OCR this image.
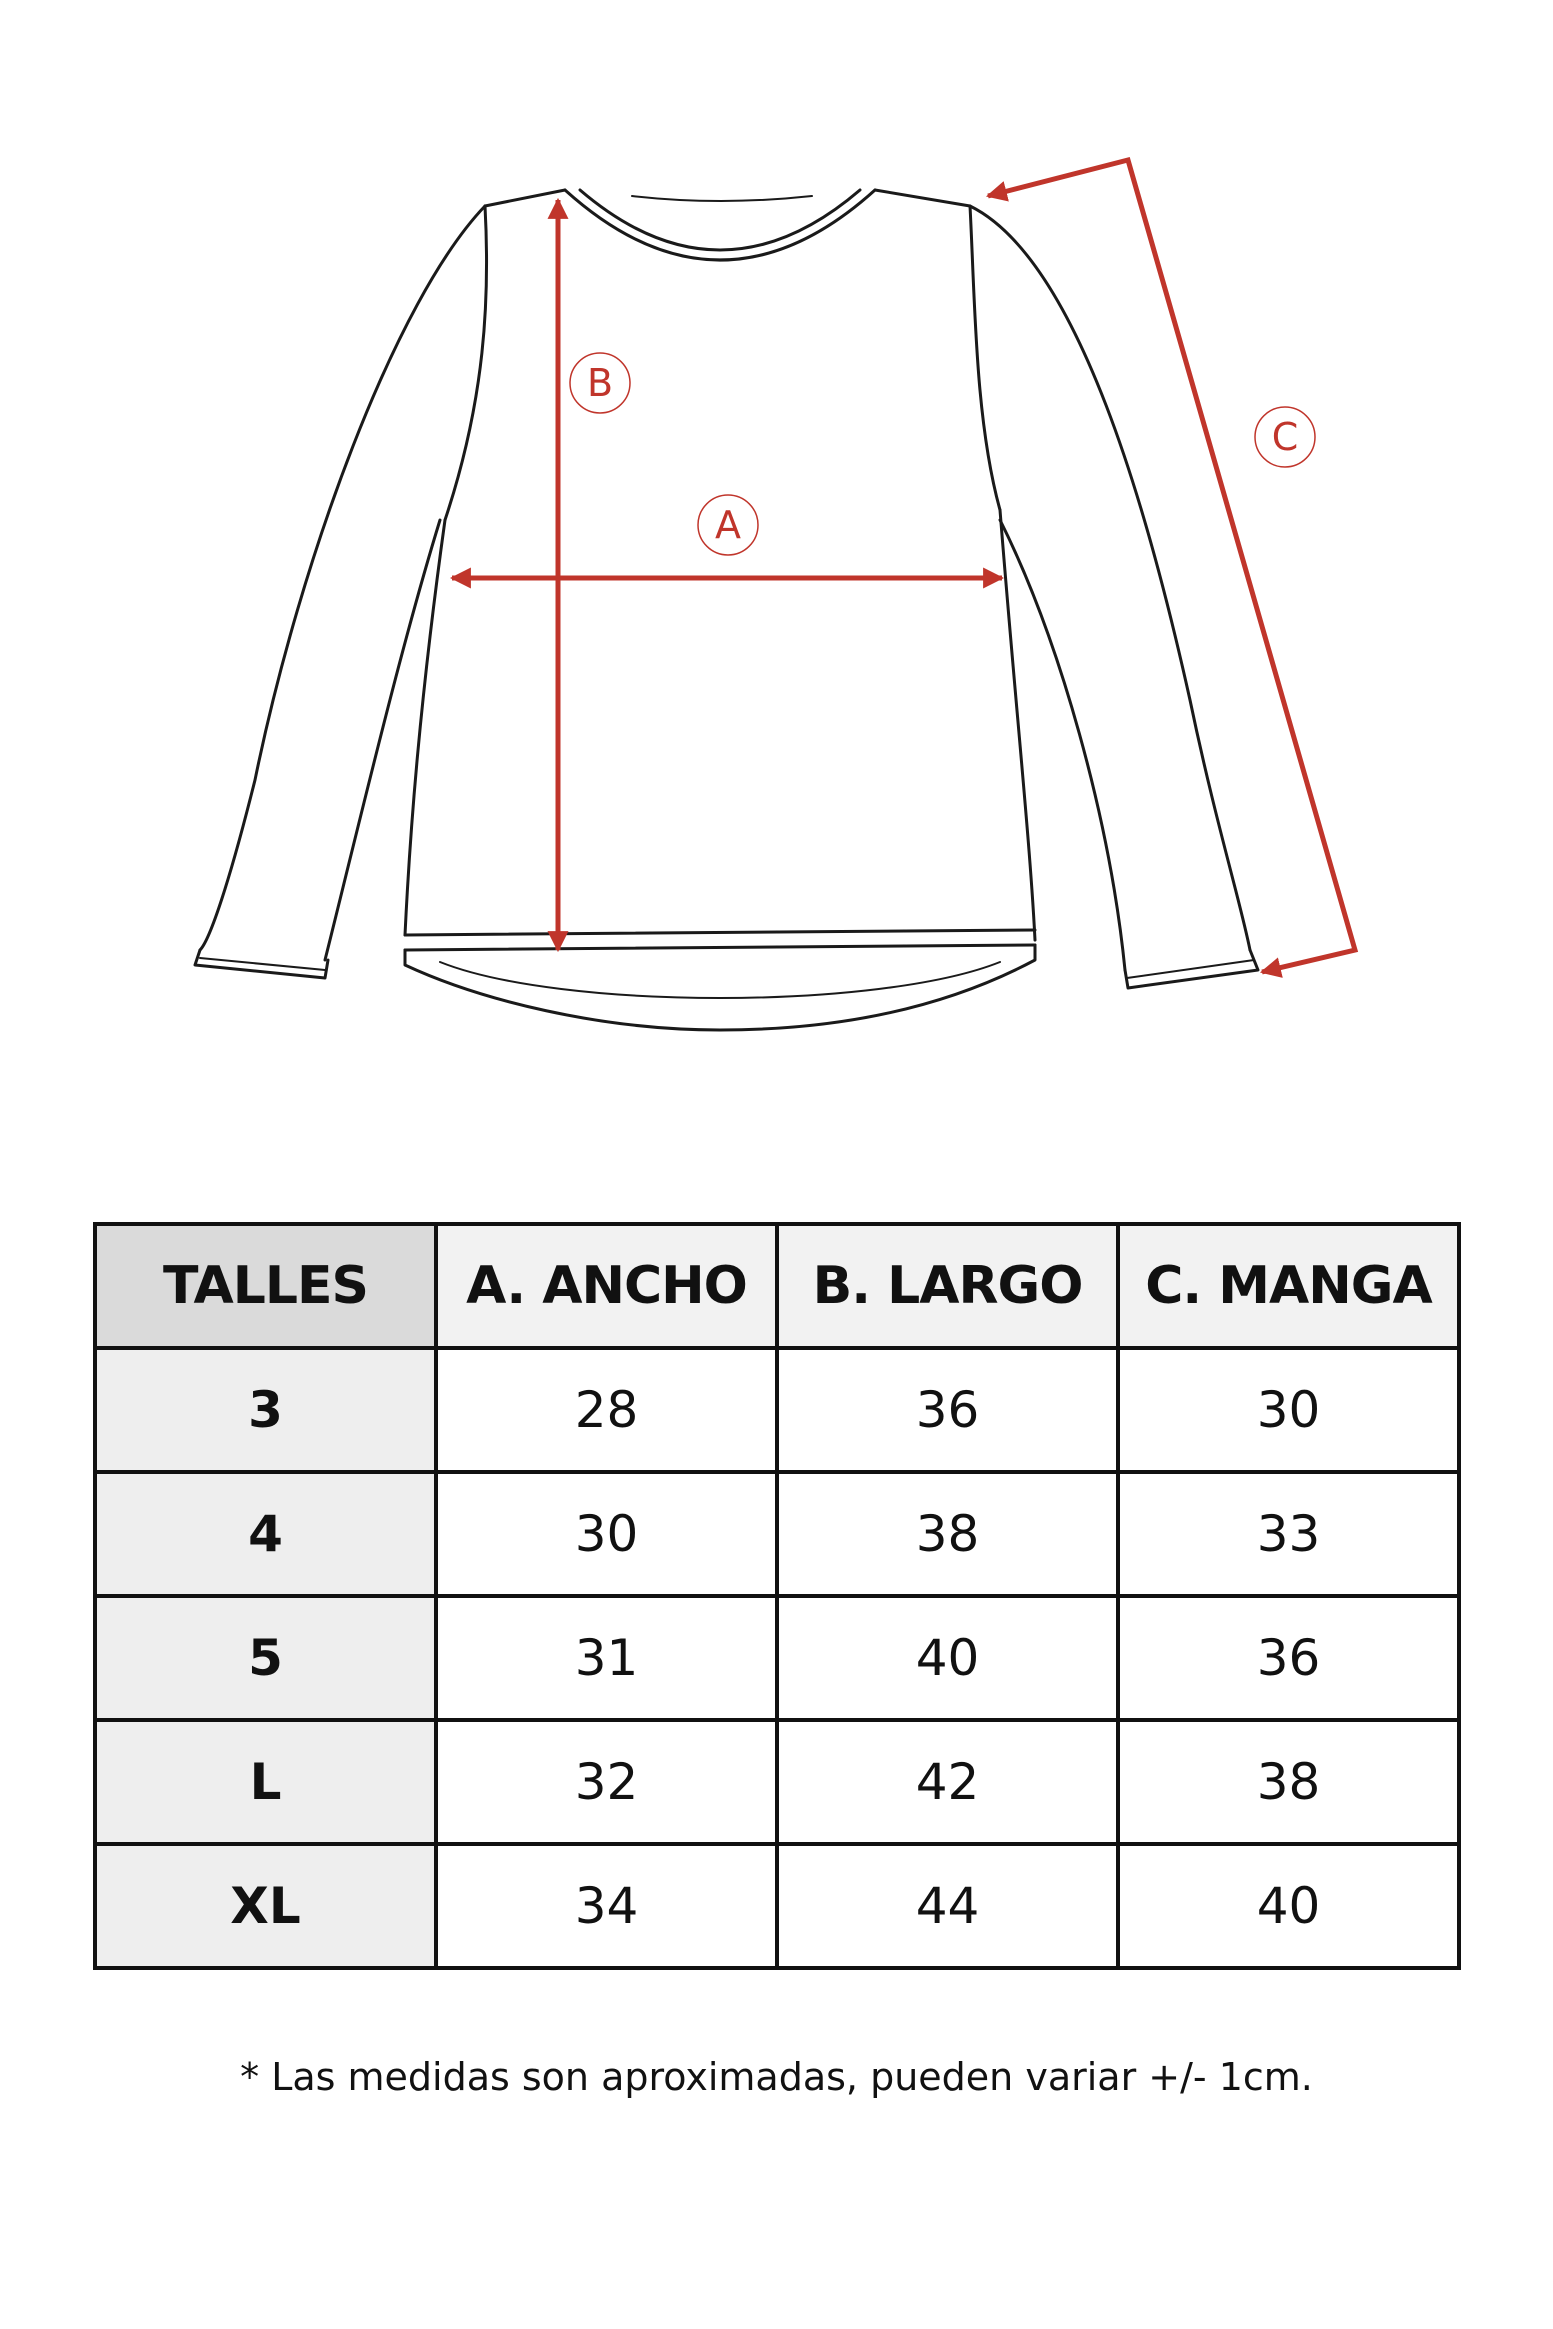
A
B
C
TALLES	A. ANCHO	B. LARGO	C. MANGA
3	28	36	30
4	30	38	33
5	31	40	36
L	32	42	38
XL	34	44	40
* Las medidas son aproximadas, pueden variar +/- 1cm.
